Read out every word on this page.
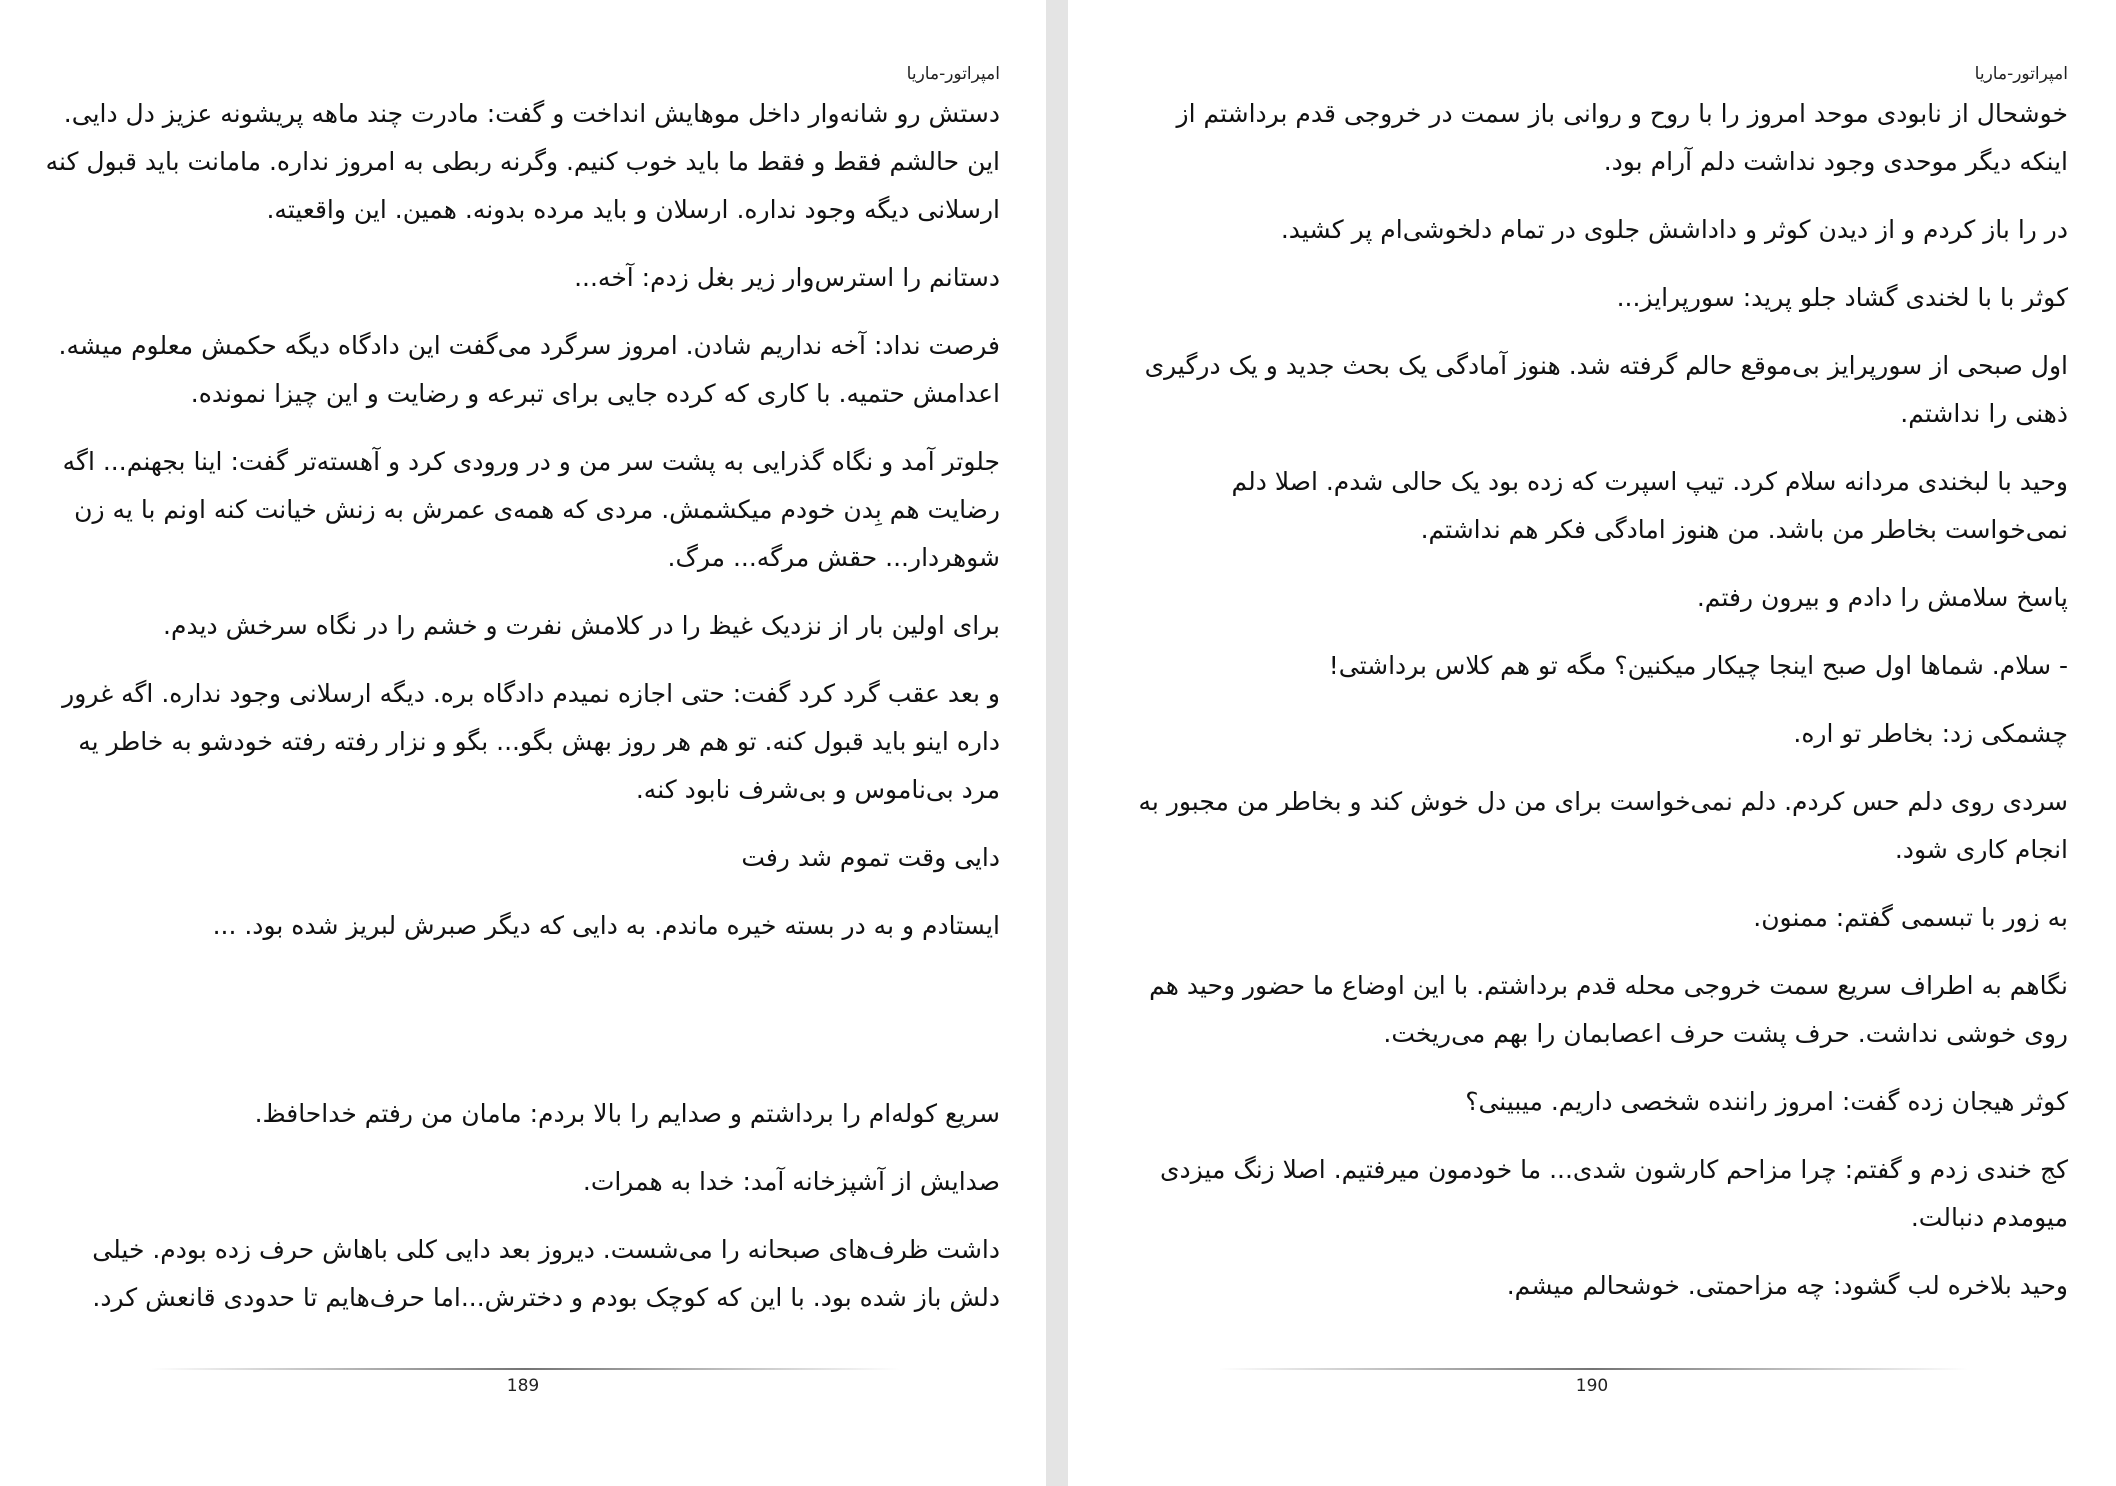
امپراتور-ماریا

دستش رو شانه‌وار داخل موهایش انداخت و گفت: مادرت چند ماهه پریشونه عزیز دل دایی. این حالشم فقط و فقط ما باید خوب کنیم. وگرنه ربطی به امروز نداره. مامانت باید قبول کنه ارسلانی دیگه وجود نداره. ارسلان و باید مرده بدونه. همین. این واقعیته.

دستانم را استرس‌وار زیر بغل زدم: آخه...

فرصت نداد: آخه نداریم شادن. امروز سرگرد می‌گفت این دادگاه دیگه حکمش معلوم میشه. اعدامش حتمیه. با کاری که کرده جایی برای تبرعه و رضایت و این چیزا نمونده.

جلوتر آمد و نگاه گذرایی به پشت سر من و در ورودی کرد و آهسته‌تر گفت: اینا بجهنم... اگه رضایت هم بِدن خودم میکشمش. مردی که همه‌ی عمرش به زنش خیانت کنه اونم با یه زن شوهردار... حقش مرگه... مرگ.

برای اولین بار از نزدیک غیظ را در کلامش نفرت و خشم را در نگاه سرخش دیدم.

و بعد عقب گرد کرد گفت: حتی اجازه نمیدم دادگاه بره. دیگه ارسلانی وجود نداره. اگه غرور داره اینو باید قبول کنه. تو هم هر روز بهش بگو... بگو و نزار رفته رفته خودشو به خاطر یه مرد بی‌ناموس و بی‌شرف نابود کنه.

دایی وقت تموم شد رفت

ایستادم و به در بسته خیره ماندم. به دایی که دیگر صبرش لبریز شده بود. ...

سریع کوله‌ام را برداشتم و صدایم را بالا بردم: مامان من رفتم خداحافظ.

صدایش از آشپزخانه آمد: خدا به همرات.

داشت ظرف‌های صبحانه را می‌شست. دیروز بعد دایی کلی باهاش حرف زده بودم. خیلی دلش باز شده بود. با این که کوچک بودم و دخترش...اما حرف‌هایم تا حدودی قانعش کرد.

189
امپراتور-ماریا

خوشحال از نابودی موحد امروز را با روح و روانی باز سمت در خروجی قدم برداشتم از اینکه دیگر موحدی وجود نداشت دلم آرام بود.

در را باز کردم و از دیدن کوثر و داداشش جلوی در تمام دلخوشی‌ام پر کشید.

کوثر با با لخندی گشاد جلو پرید: سورپرایز...

اول صبحی از سورپرایز بی‌موقع حالم گرفته شد. هنوز آمادگی یک بحث جدید و یک درگیری ذهنی را نداشتم.

وحید با لبخندی مردانه سلام کرد. تیپ اسپرت که زده بود یک حالی شدم. اصلا دلم نمی‌خواست بخاطر من باشد. من هنوز امادگی فکر هم نداشتم.

پاسخ سلامش را دادم و بیرون رفتم.

- سلام. شماها اول صبح اینجا چیکار میکنین؟ مگه تو هم کلاس برداشتی!

چشمکی زد: بخاطر تو اره.

سردی روی دلم حس کردم. دلم نمی‌خواست برای من دل خوش کند و بخاطر من مجبور به انجام کاری شود.

به زور با تبسمی گفتم: ممنون.

نگاهم به اطراف سریع سمت خروجی محله قدم برداشتم. با این اوضاع ما حضور وحید هم روی خوشی نداشت. حرف پشت حرف اعصابمان را بهم می‌ریخت.

کوثر هیجان زده گفت: امروز راننده شخصی داریم. میبینی؟

کج خندی زدم و گفتم: چرا مزاحم کارشون شدی... ما خودمون میرفتیم. اصلا زنگ میزدی میومدم دنبالت.

وحید بلاخره لب گشود: چه مزاحمتی. خوشحالم میشم.

190
